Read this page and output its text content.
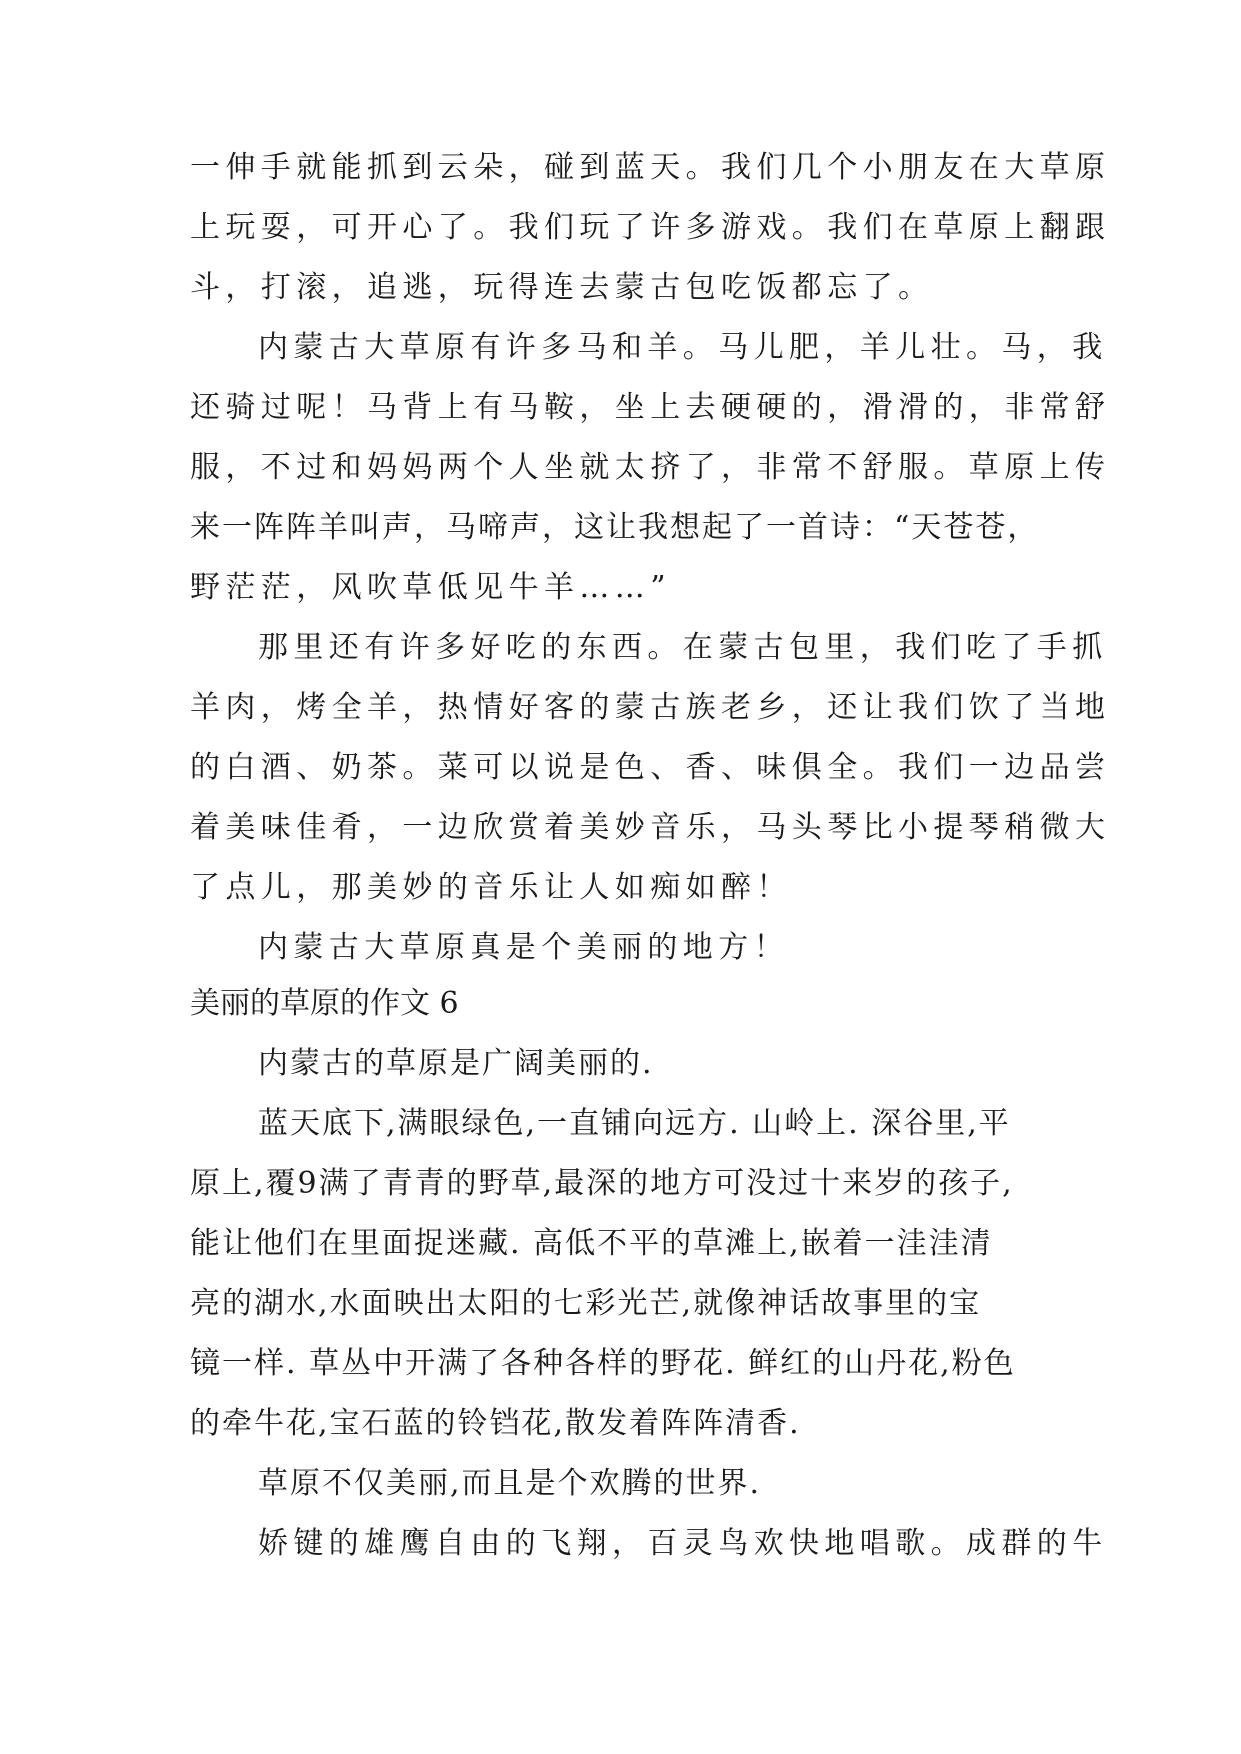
一伸手就能抓到云朵，碰到蓝天。我们几个小朋友在大草原
上玩耍，可开心了。我们玩了许多游戏。我们在草原上翻跟
斗，打滚，追逃，玩得连去蒙古包吃饭都忘了。
内蒙古大草原有许多马和羊。马儿肥，羊儿壮。马，我
还骑过呢！马背上有马鞍，坐上去硬硬的，滑滑的，非常舒
服，不过和妈妈两个人坐就太挤了，非常不舒服。草原上传
来一阵阵羊叫声，马啼声，这让我想起了一首诗：“天苍苍，
野茫茫，风吹草低见牛羊……”
那里还有许多好吃的东西。在蒙古包里，我们吃了手抓
羊肉，烤全羊，热情好客的蒙古族老乡，还让我们饮了当地
的白酒、奶茶。菜可以说是色、香、味俱全。我们一边品尝
着美味佳肴，一边欣赏着美妙音乐，马头琴比小提琴稍微大
了点儿，那美妙的音乐让人如痴如醉！
内蒙古大草原真是个美丽的地方！
美丽的草原的作文 6
内蒙古的草原是广阔美丽的.
蓝天底下,满眼绿色,一直铺向远方. 山岭上. 深谷里,平
原上,覆9满了青青的野草,最深的地方可没过十来岁的孩子,
能让他们在里面捉迷藏. 高低不平的草滩上,嵌着一洼洼清
亮的湖水,水面映出太阳的七彩光芒,就像神话故事里的宝
镜一样. 草丛中开满了各种各样的野花. 鲜红的山丹花,粉色
的牵牛花,宝石蓝的铃铛花,散发着阵阵清香.
草原不仅美丽,而且是个欢腾的世界.
娇键的雄鹰自由的飞翔，百灵鸟欢快地唱歌。成群的牛
